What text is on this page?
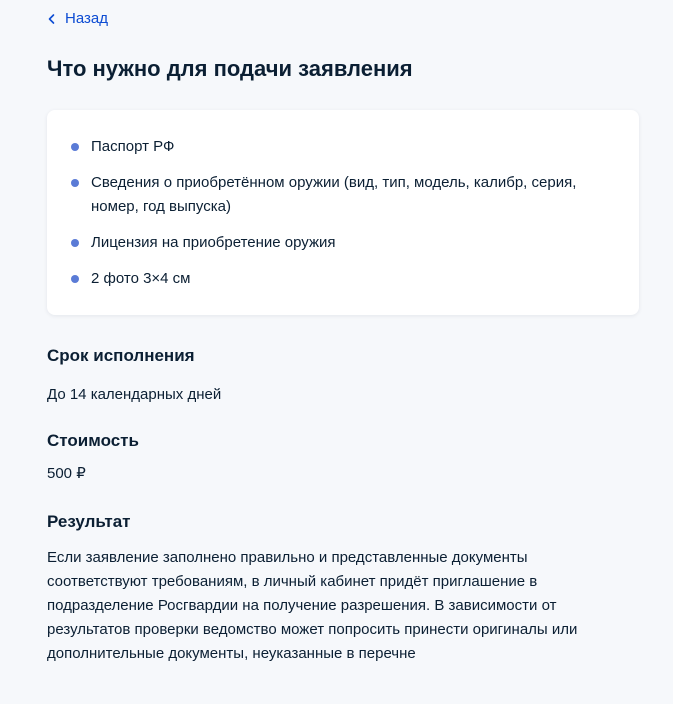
Назад
Что нужно для подачи заявления
Паспорт РФ
Сведения о приобретённом оружии (вид, тип, модель, калибр, серия, номер, год выпуска)
Лицензия на приобретение оружия
2 фото 3×4 см
Срок исполнения

До 14 календарных дней

Стоимость

500 ₽

Результат

Если заявление заполнено правильно и представленные документы соответствуют требованиям, в личный кабинет придёт приглашение в подразделение Росгвардии на получение разрешения. В зависимости от результатов проверки ведомство может попросить принести оригиналы или дополнительные документы, неуказанные в перечне
